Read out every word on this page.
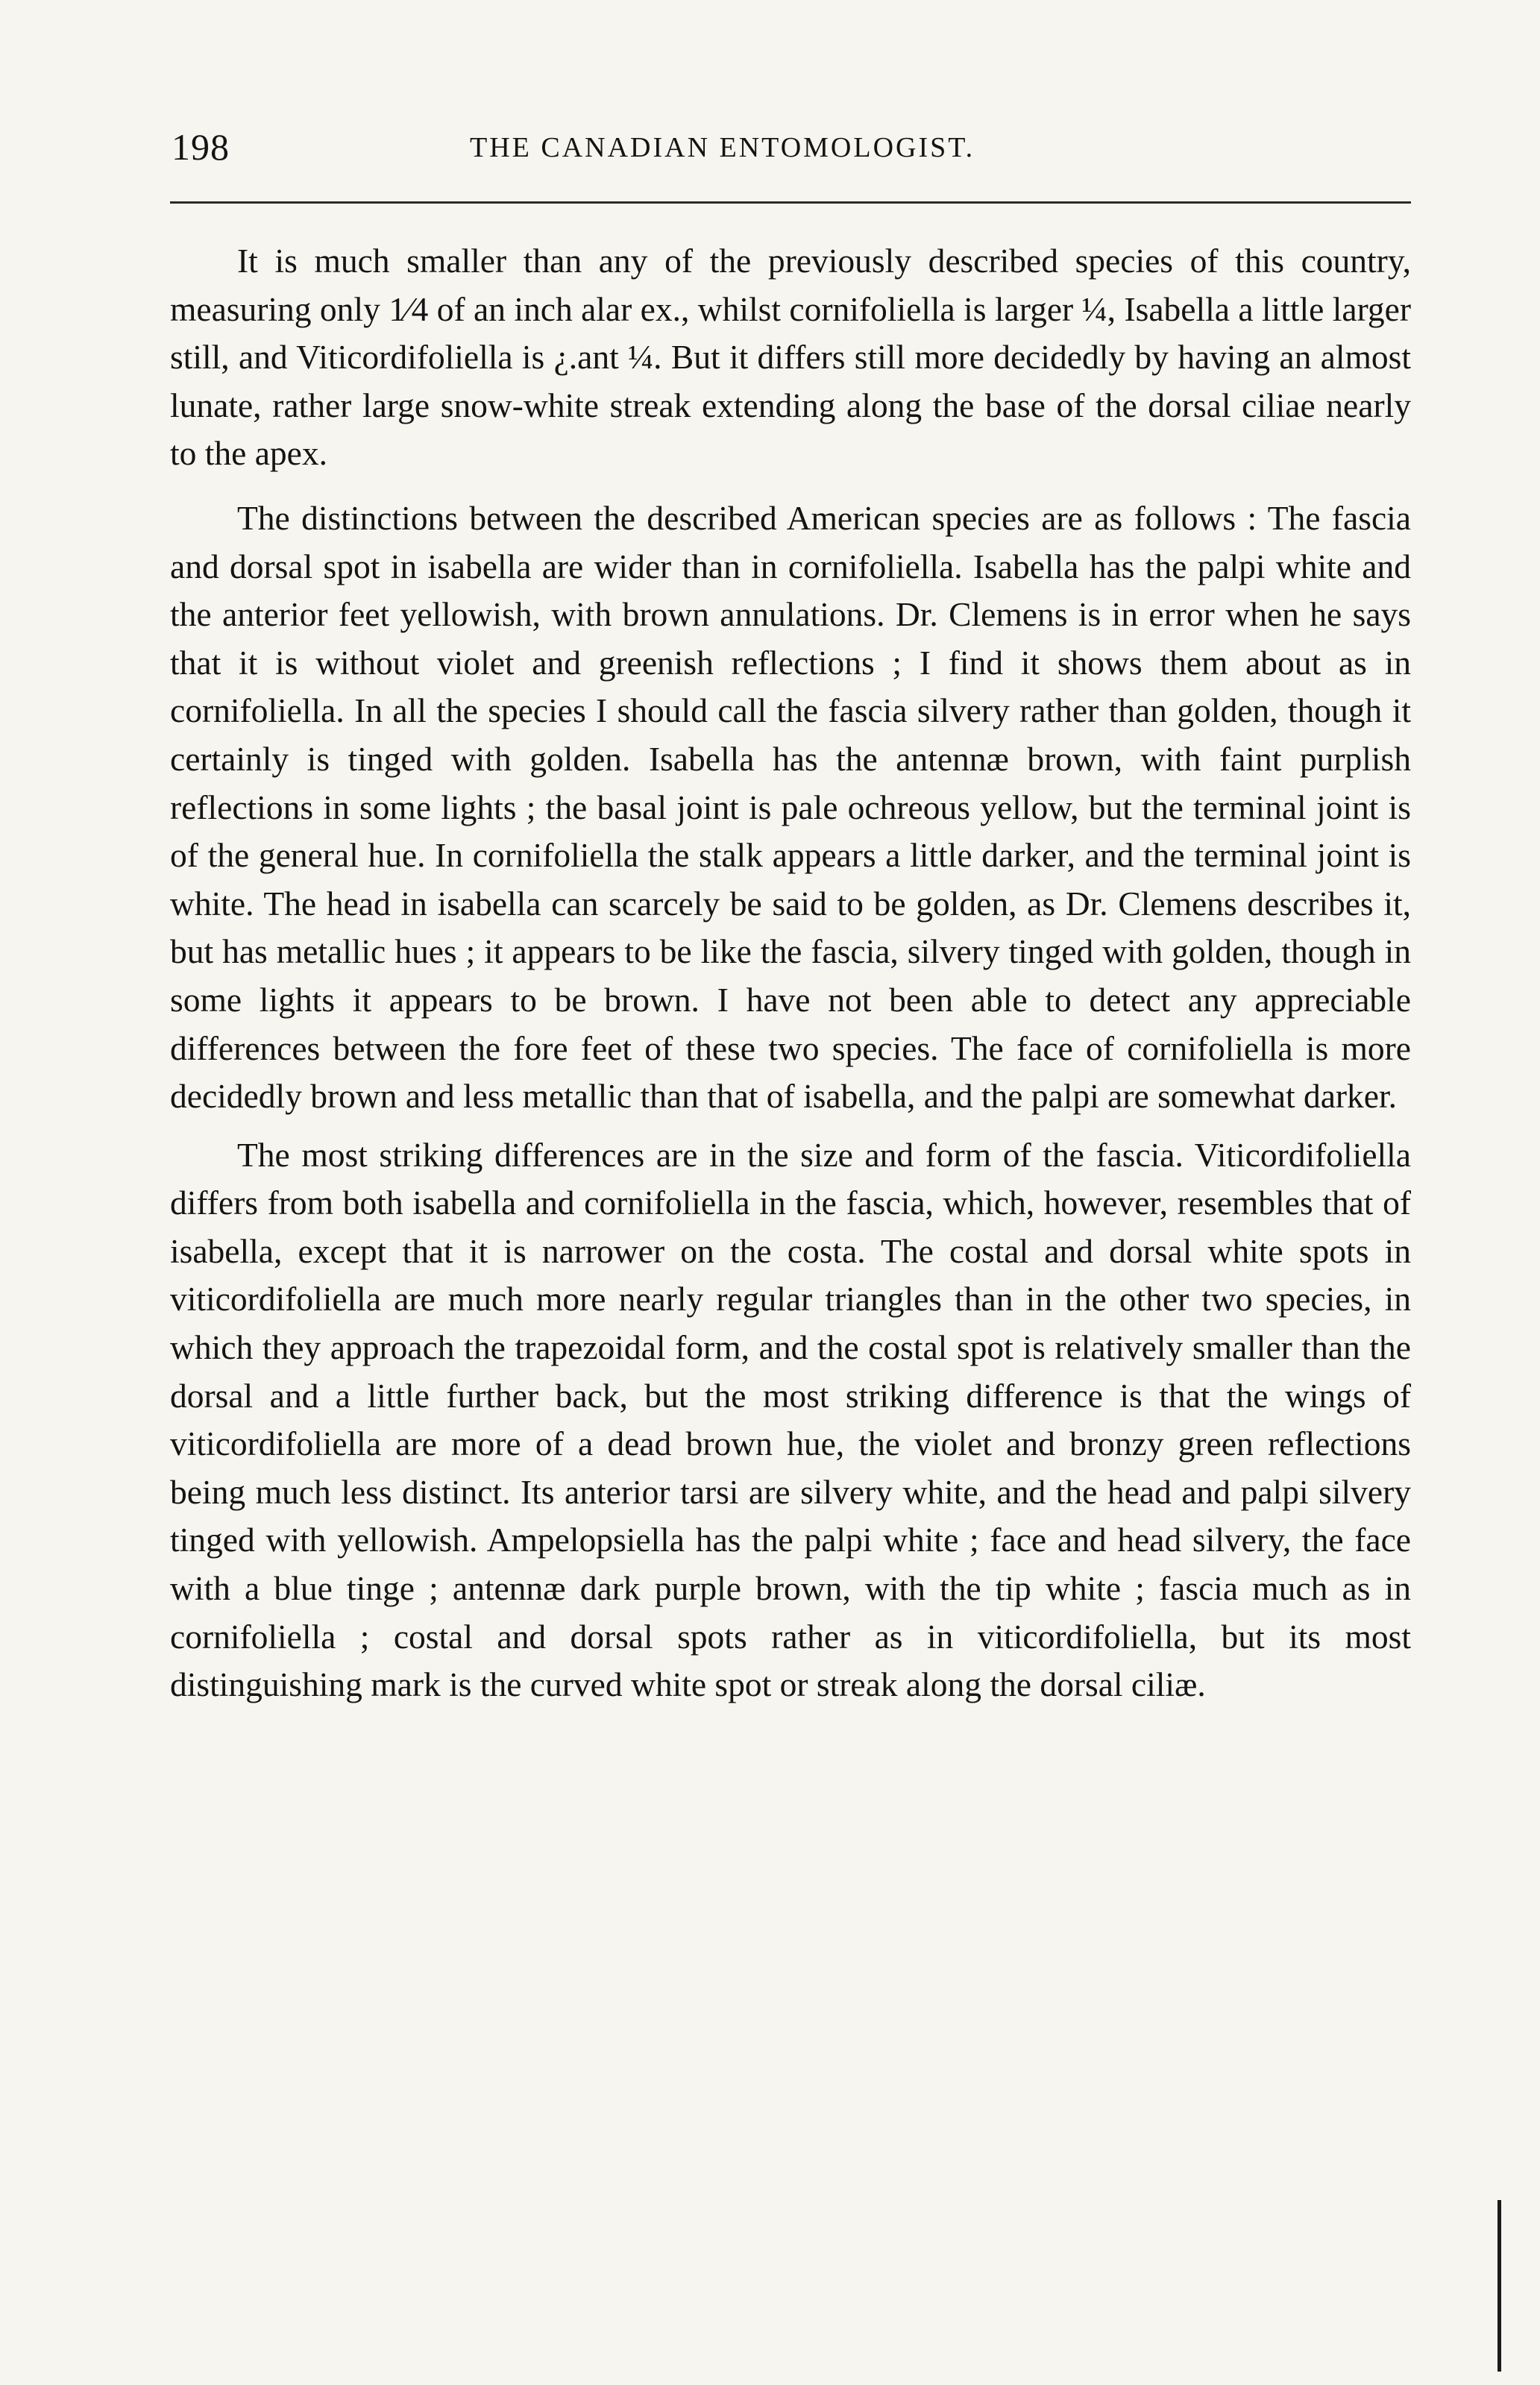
198	THE CANADIAN ENTOMOLOGIST.

It is much smaller than any of the previously described species of this country, measuring only 1⁄4 of an inch alar ex., whilst cornifoliella is larger ¼, Isabella a little larger still, and Viticordifoliella is ¿.ant ¼. But it differs still more decidedly by having an almost lunate, rather large snow-white streak extending along the base of the dorsal ciliae nearly to the apex.

The distinctions between the described American species are as follows : The fascia and dorsal spot in isabella are wider than in cornifoliella. Isabella has the palpi white and the anterior feet yellowish, with brown annulations. Dr. Clemens is in error when he says that it is without violet and greenish reflections ; I find it shows them about as in cornifoliella. In all the species I should call the fascia silvery rather than golden, though it certainly is tinged with golden. Isabella has the antennæ brown, with faint purplish reflections in some lights ; the basal joint is pale ochreous yellow, but the terminal joint is of the general hue. In cornifoliella the stalk appears a little darker, and the terminal joint is white. The head in isabella can scarcely be said to be golden, as Dr. Clemens describes it, but has metallic hues ; it appears to be like the fascia, silvery tinged with golden, though in some lights it appears to be brown. I have not been able to detect any appreciable differences between the fore feet of these two species. The face of cornifoliella is more decidedly brown and less metallic than that of isabella, and the palpi are somewhat darker.

The most striking differences are in the size and form of the fascia. Viticordifoliella differs from both isabella and cornifoliella in the fascia, which, however, resembles that of isabella, except that it is narrower on the costa. The costal and dorsal white spots in viticordifoliella are much more nearly regular triangles than in the other two species, in which they approach the trapezoidal form, and the costal spot is relatively smaller than the dorsal and a little further back, but the most striking difference is that the wings of viticordifoliella are more of a dead brown hue, the violet and bronzy green reflections being much less distinct. Its anterior tarsi are silvery white, and the head and palpi silvery tinged with yellowish. Ampelopsiella has the palpi white ; face and head silvery, the face with a blue tinge ; antennæ dark purple brown, with the tip white ; fascia much as in cornifoliella ; costal and dorsal spots rather as in viticordifoliella, but its most distinguishing mark is the curved white spot or streak along the dorsal ciliæ.
